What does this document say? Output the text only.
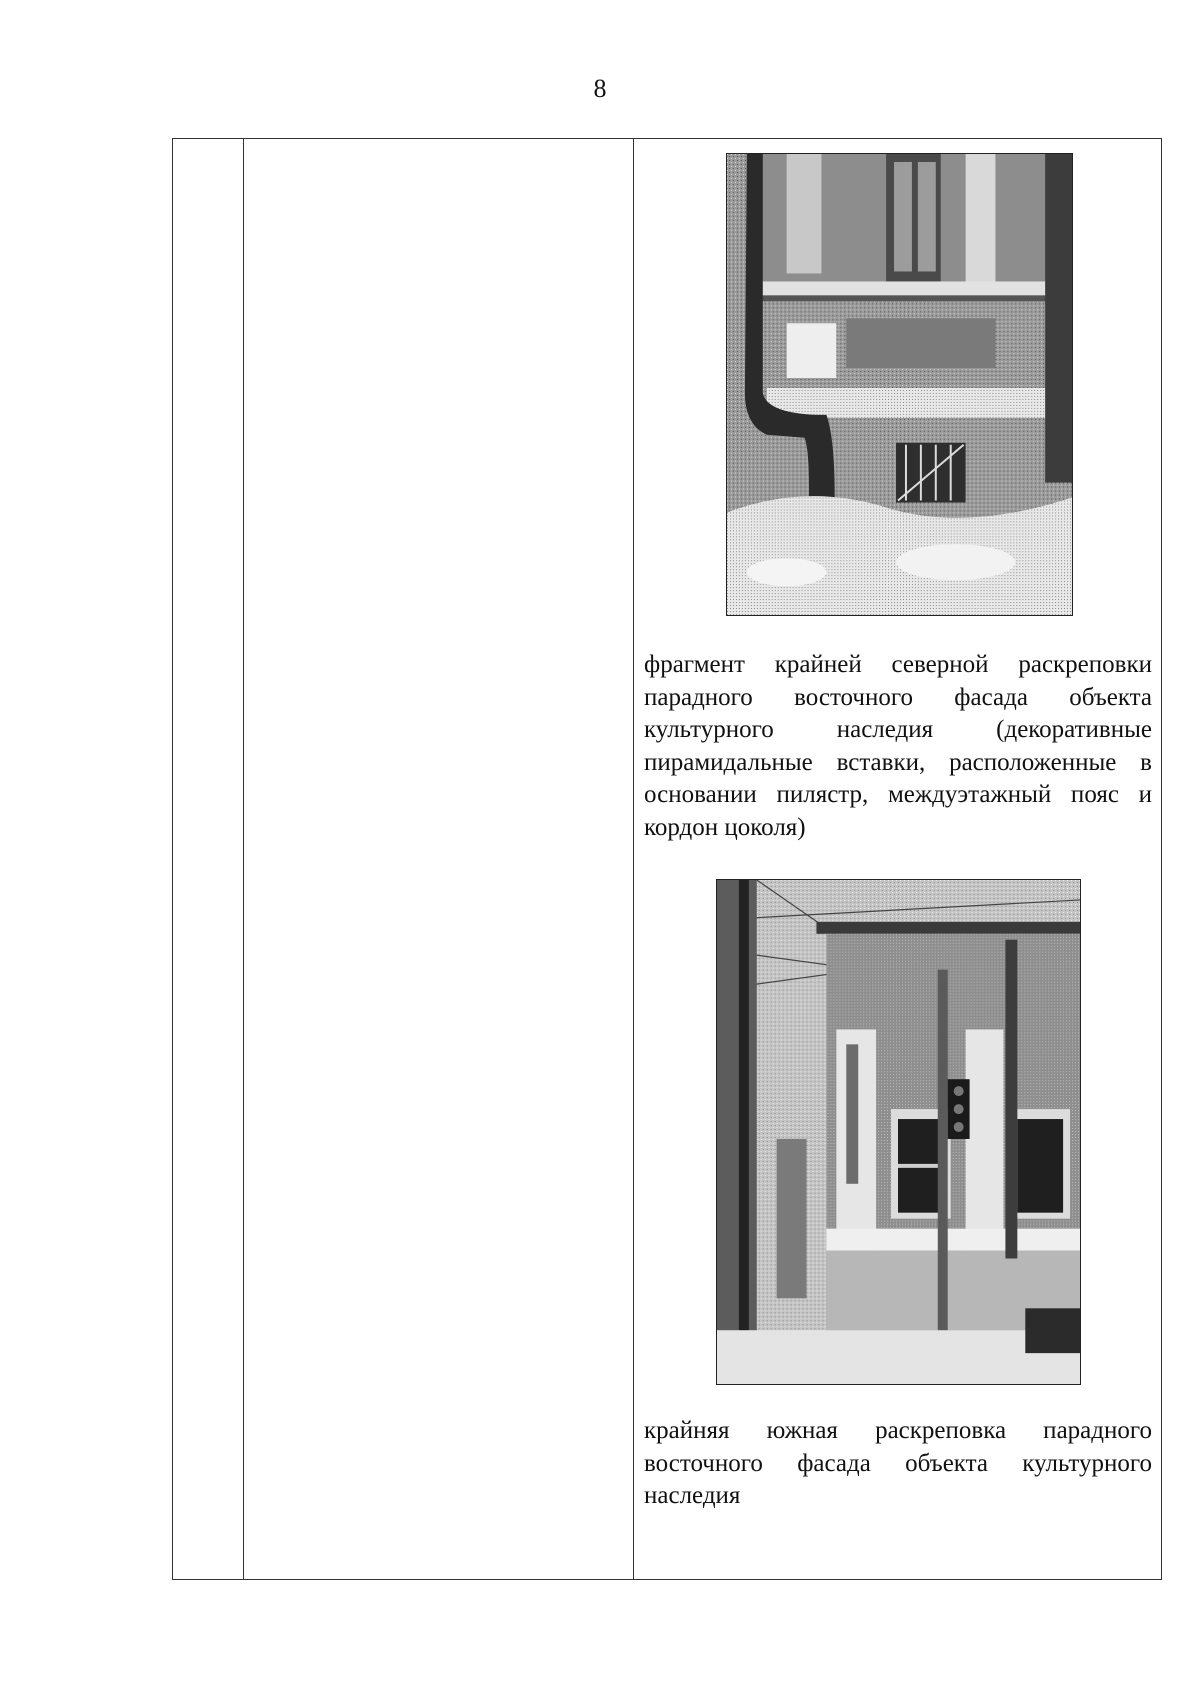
8

фрагмент крайней северной раскреповки парадного восточного фасада объекта культурного наследия (декоративные пирамидальные вставки, расположенные в основании пилястр, междуэтажный пояс и кордон цоколя)

крайняя южная раскреповка парадного восточного фасада объекта культурного наследия
